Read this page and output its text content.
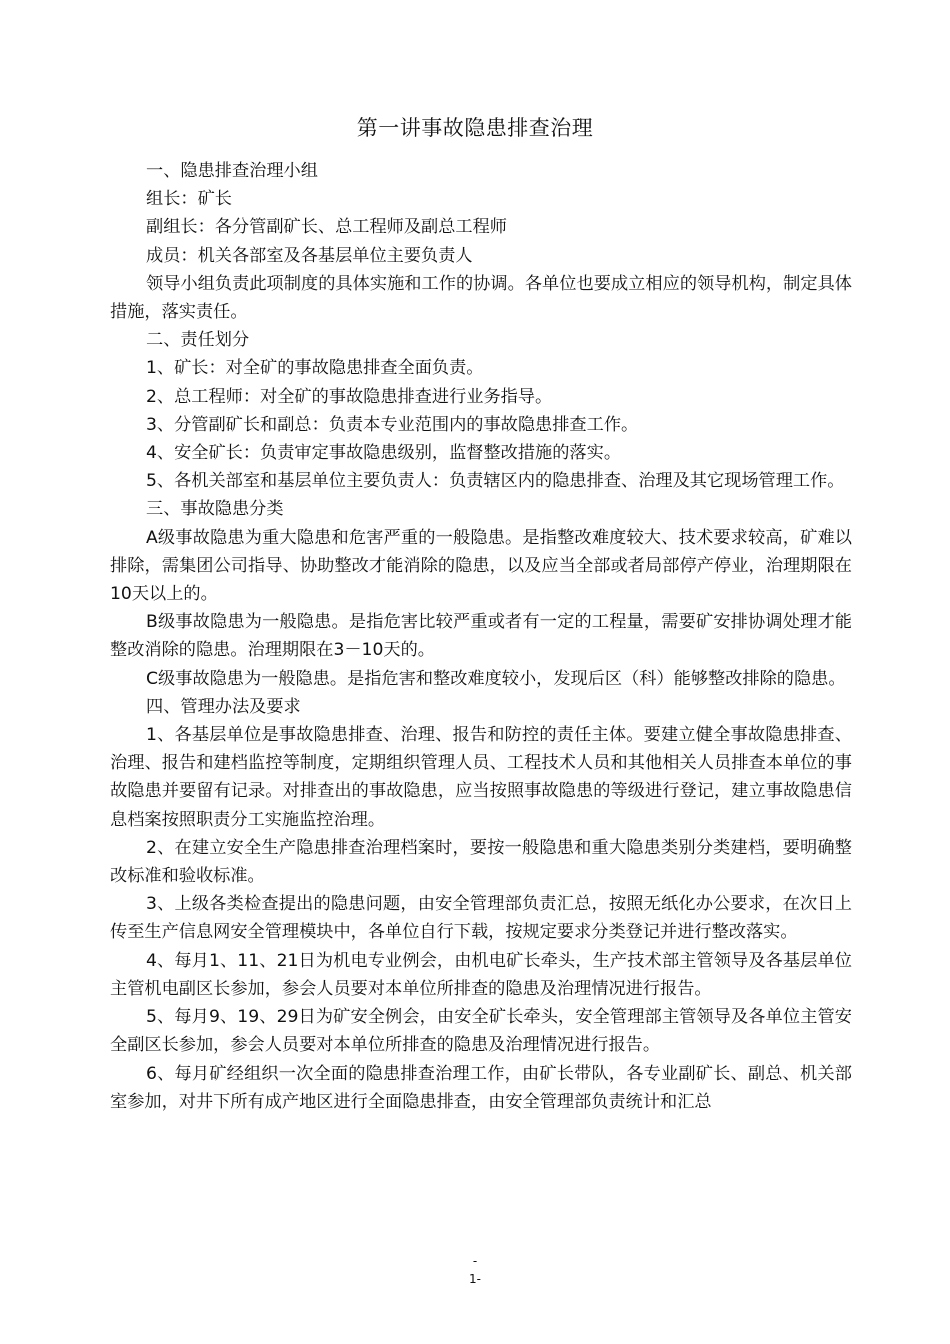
第一讲事故隐患排查治理

一、隐患排查治理小组

组长：矿长

副组长：各分管副矿长、总工程师及副总工程师

成员：机关各部室及各基层单位主要负责人

领导小组负责此项制度的具体实施和工作的协调。各单位也要成立相应的领导机构，制定具体措施，落实责任。

二、责任划分

1、矿长：对全矿的事故隐患排查全面负责。

2、总工程师：对全矿的事故隐患排查进行业务指导。

3、分管副矿长和副总：负责本专业范围内的事故隐患排查工作。

4、安全矿长：负责审定事故隐患级别，监督整改措施的落实。

5、各机关部室和基层单位主要负责人：负责辖区内的隐患排查、治理及其它现场管理工作。

三、事故隐患分类

A级事故隐患为重大隐患和危害严重的一般隐患。是指整改难度较大、技术要求较高，矿难以排除，需集团公司指导、协助整改才能消除的隐患，以及应当全部或者局部停产停业，治理期限在10天以上的。

B级事故隐患为一般隐患。是指危害比较严重或者有一定的工程量，需要矿安排协调处理才能整改消除的隐患。治理期限在3－10天的。

C级事故隐患为一般隐患。是指危害和整改难度较小，发现后区（科）能够整改排除的隐患。

四、管理办法及要求

1、各基层单位是事故隐患排查、治理、报告和防控的责任主体。要建立健全事故隐患排查、治理、报告和建档监控等制度，定期组织管理人员、工程技术人员和其他相关人员排查本单位的事故隐患并要留有记录。对排查出的事故隐患，应当按照事故隐患的等级进行登记，建立事故隐患信息档案按照职责分工实施监控治理。

2、在建立安全生产隐患排查治理档案时，要按一般隐患和重大隐患类别分类建档，要明确整改标准和验收标准。

3、上级各类检查提出的隐患问题，由安全管理部负责汇总，按照无纸化办公要求，在次日上传至生产信息网安全管理模块中，各单位自行下载，按规定要求分类登记并进行整改落实。

4、每月1、11、21日为机电专业例会，由机电矿长牵头，生产技术部主管领导及各基层单位主管机电副区长参加，参会人员要对本单位所排查的隐患及治理情况进行报告。

5、每月9、19、29日为矿安全例会，由安全矿长牵头，安全管理部主管领导及各单位主管安全副区长参加，参会人员要对本单位所排查的隐患及治理情况进行报告。

6、每月矿经组织一次全面的隐患排查治理工作，由矿长带队，各专业副矿长、副总、机关部室参加，对井下所有成产地区进行全面隐患排查，由安全管理部负责统计和汇总

-
1-
